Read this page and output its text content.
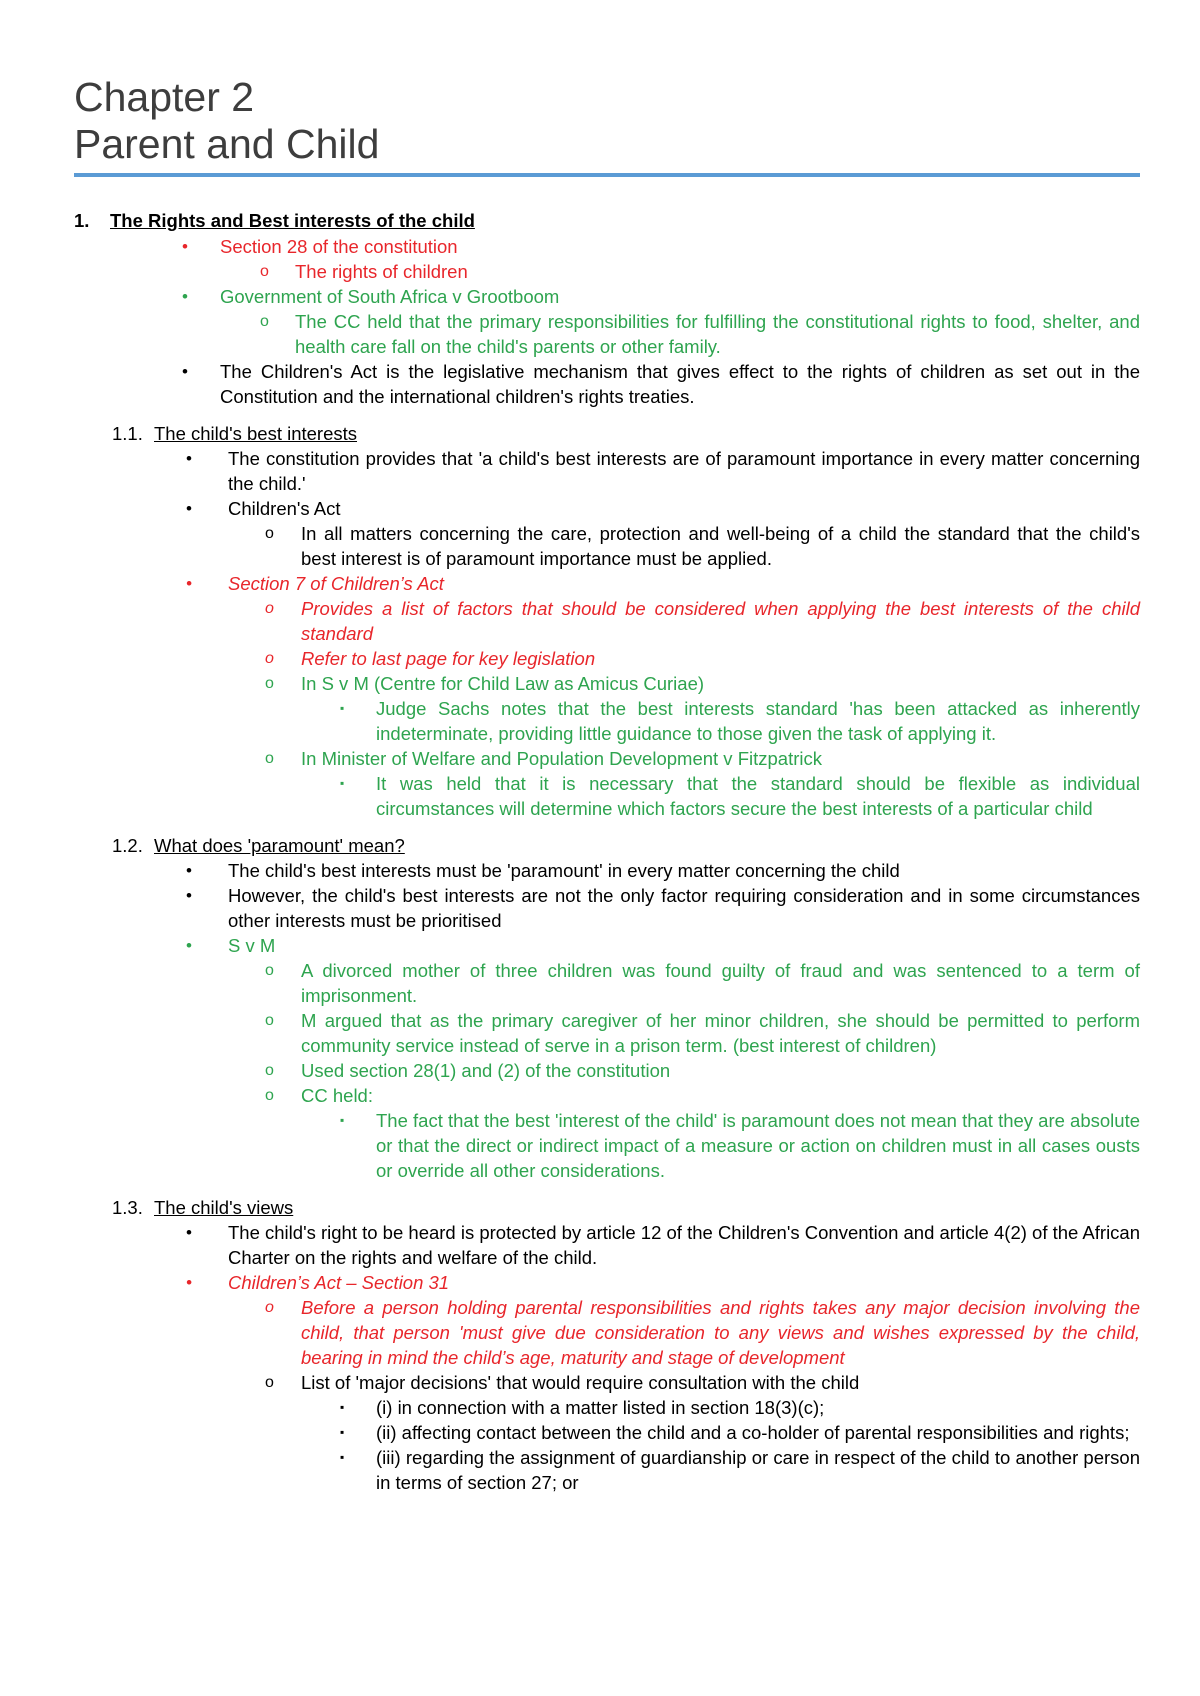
Chapter 2
Parent and Child
1. The Rights and Best interests of the child
• Section 28 of the constitution
o The rights of children
• Government of South Africa v Grootboom
o The CC held that the primary responsibilities for fulfilling the constitutional rights to food, shelter, and health care fall on the child's parents or other family.
• The Children's Act is the legislative mechanism that gives effect to the rights of children as set out in the Constitution and the international children's rights treaties.
1.1. The child's best interests
• The constitution provides that 'a child's best interests are of paramount importance in every matter concerning the child.'
• Children's Act
o In all matters concerning the care, protection and well-being of a child the standard that the child's best interest is of paramount importance must be applied.
• Section 7 of Children’s Act
o Provides a list of factors that should be considered when applying the best interests of the child standard
o Refer to last page for key legislation
o In S v M (Centre for Child Law as Amicus Curiae)
▪ Judge Sachs notes that the best interests standard 'has been attacked as inherently indeterminate, providing little guidance to those given the task of applying it.
o In Minister of Welfare and Population Development v Fitzpatrick
▪ It was held that it is necessary that the standard should be flexible as individual circumstances will determine which factors secure the best interests of a particular child
1.2. What does 'paramount' mean?
• The child's best interests must be 'paramount' in every matter concerning the child
• However, the child's best interests are not the only factor requiring consideration and in some circumstances other interests must be prioritised
• S v M
o A divorced mother of three children was found guilty of fraud and was sentenced to a term of imprisonment.
o M argued that as the primary caregiver of her minor children, she should be permitted to perform community service instead of serve in a prison term. (best interest of children)
o Used section 28(1) and (2) of the constitution
o CC held:
▪ The fact that the best 'interest of the child' is paramount does not mean that they are absolute or that the direct or indirect impact of a measure or action on children must in all cases ousts or override all other considerations.
1.3. The child's views
• The child's right to be heard is protected by article 12 of the Children's Convention and article 4(2) of the African Charter on the rights and welfare of the child.
• Children’s Act – Section 31
o Before a person holding parental responsibilities and rights takes any major decision involving the child, that person 'must give due consideration to any views and wishes expressed by the child, bearing in mind the child’s age, maturity and stage of development
o List of 'major decisions' that would require consultation with the child
▪ (i) in connection with a matter listed in section 18(3)(c);
▪ (ii) affecting contact between the child and a co-holder of parental responsibilities and rights;
▪ (iii) regarding the assignment of guardianship or care in respect of the child to another person in terms of section 27; or
